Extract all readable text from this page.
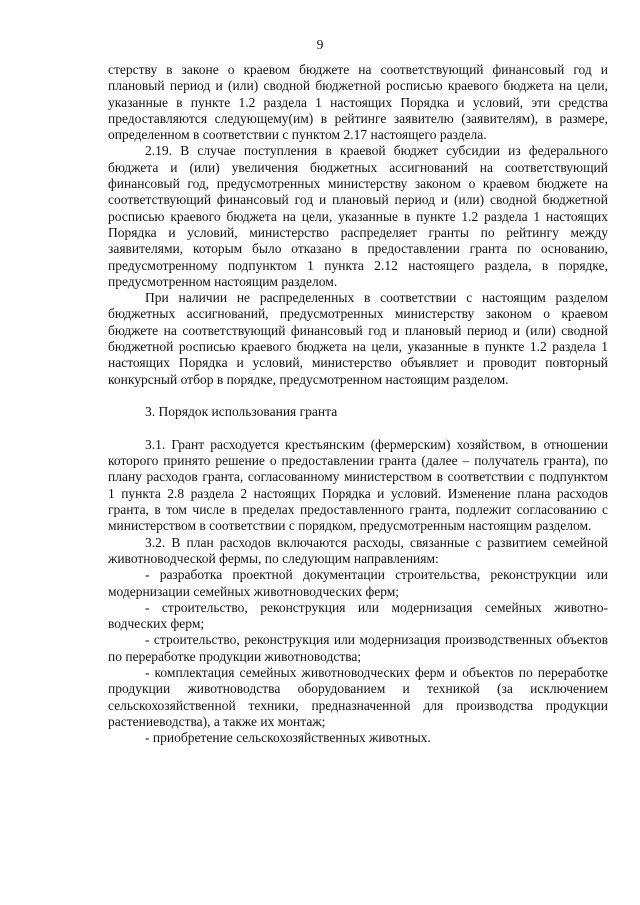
9

стерству в законе о краевом бюджете на соответствующий финансовый год и плановый период и (или) сводной бюджетной росписью краевого бюджета на цели, указанные в пункте 1.2 раздела 1 настоящих Порядка и условий, эти средства предоставляются следующему(им) в рейтинге заявителю (заявителям), в размере, определенном в соответствии с пунктом 2.17 настоящего раздела.

2.19. В случае поступления в краевой бюджет субсидии из федерального бюджета и (или) увеличения бюджетных ассигнований на соответствующий финансовый год, предусмотренных министерству законом о краевом бюджете на соответствующий финансовый год и плановый период и (или) сводной бюджетной росписью краевого бюджета на цели, указанные в пункте 1.2 раздела 1 настоящих Порядка и условий, министерство распределяет гранты по рейтингу между заявителями, которым было отказано в предоставлении гранта по основанию, предусмотренному подпунктом 1 пункта 2.12 настоящего раздела, в порядке, предусмотренном настоящим разделом.

При наличии не распределенных в соответствии с настоящим разделом бюджетных ассигнований, предусмотренных министерству законом о краевом бюджете на соответствующий финансовый год и плановый период и (или) сводной бюджетной росписью краевого бюджета на цели, указанные в пункте 1.2 раздела 1 настоящих Порядка и условий, министерство объявляет и проводит повторный конкурсный отбор в порядке, предусмотренном настоящим разделом.

3. Порядок использования гранта

3.1. Грант расходуется крестьянским (фермерским) хозяйством, в отношении которого принято решение о предоставлении гранта (далее – получатель гранта), по плану расходов гранта, согласованному министерством в соответствии с подпунктом 1 пункта 2.8 раздела 2 настоящих Порядка и условий. Изменение плана расходов гранта, в том числе в пределах предоставленного гранта, подлежит согласованию с министерством в соответствии с порядком, предусмотренным настоящим разделом.

3.2. В план расходов включаются расходы, связанные с развитием семейной животноводческой фермы, по следующим направлениям:

- разработка проектной документации строительства, реконструкции или модернизации семейных животноводческих ферм;

- строительство, реконструкция или модернизация семейных животноводческих ферм;

- строительство, реконструкция или модернизация производственных объектов по переработке продукции животноводства;

- комплектация семейных животноводческих ферм и объектов по переработке продукции животноводства оборудованием и техникой (за исключением сельскохозяйственной техники, предназначенной для производства продукции растениеводства), а также их монтаж;

- приобретение сельскохозяйственных животных.
